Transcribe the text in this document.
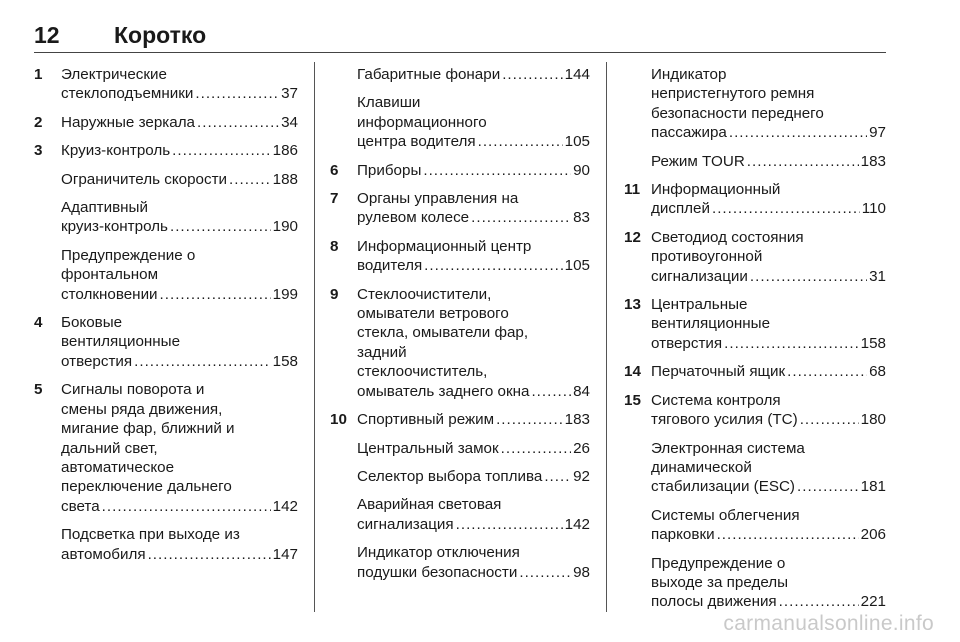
12 Коротко
1 Электрические
стеклоподъемники .....	37
2 Наружные зеркала .....	34
3 Круиз-контроль .....	186
Ограничитель скорости .....	188
Адаптивный
круиз-контроль .....	190
Предупреждение о
фронтальном
столкновении .....	199
4 Боковые
вентиляционные
отверстия .....	158
5 Сигналы поворота и
смены ряда движения,
мигание фар, ближний и
дальний свет,
автоматическое
переключение дальнего
света .....	142
Подсветка при выходе из
автомобиля .....	147
Габаритные фонари .....	144
Клавиши
информационного
центра водителя .....	105
6 Приборы .....	90
7 Органы управления на
рулевом колесе .....	83
8 Информационный центр
водителя .....	105
9 Стеклоочистители,
омыватели ветрового
стекла, омыватели фар,
задний
стеклоочиститель,
омыватель заднего окна .....	84
10 Спортивный режим .....	183
Центральный замок .....	26
Селектор выбора топлива ..... 92
Аварийная световая
сигнализация .....	142
Индикатор отключения
подушки безопасности .....	98
Индикатор
непристегнутого ремня
безопасности переднего
пассажира .....	97
Режим TOUR .....	183
11 Информационный
дисплей .....	110
12 Светодиод состояния
противоугонной
сигнализации .....	31
13 Центральные
вентиляционные
отверстия .....	158
14 Перчаточный ящик .....	68
15 Система контроля
тягового усилия (TC) .....	180
Электронная система
динамической
стабилизации (ESC) .....	181
Системы облегчения
парковки .....	206
Предупреждение о
выходе за пределы
полосы движения .....	221
carmanualsonline.info
